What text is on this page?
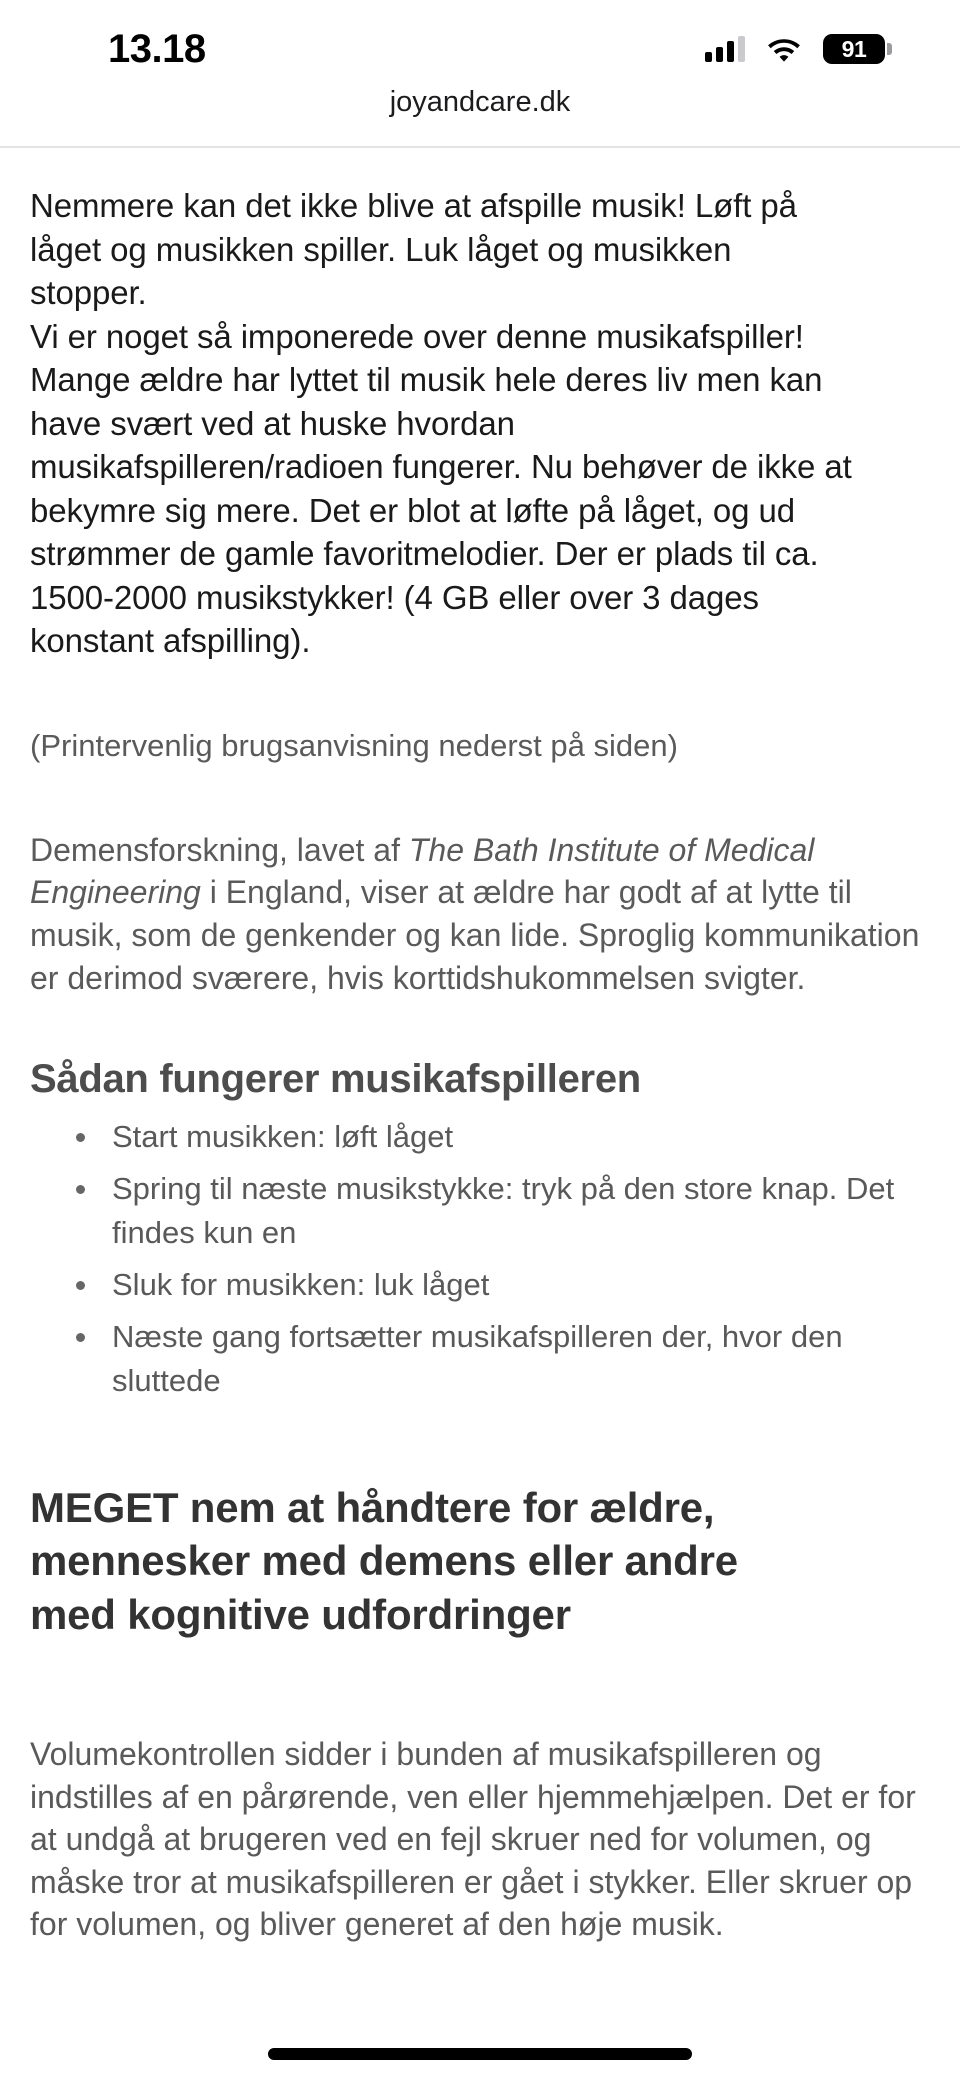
13.18	91
joyandcare.dk

Nemmere kan det ikke blive at afspille musik! Løft på
låget og musikken spiller. Luk låget og musikken
stopper.
Vi er noget så imponerede over denne musikafspiller!
Mange ældre har lyttet til musik hele deres liv men kan
have svært ved at huske hvordan
musikafspilleren/radioen fungerer. Nu behøver de ikke at
bekymre sig mere. Det er blot at løfte på låget, og ud
strømmer de gamle favoritmelodier. Der er plads til ca.
1500-2000 musikstykker! (4 GB eller over 3 dages
konstant afspilling).

(Printervenlig brugsanvisning nederst på siden)

Demensforskning, lavet af The Bath Institute of Medical Engineering i England, viser at ældre har godt af at lytte til musik, som de genkender og kan lide. Sproglig kommunikation er derimod sværere, hvis korttidshukommelsen svigter.

Sådan fungerer musikafspilleren
Start musikken: løft låget
Spring til næste musikstykke: tryk på den store knap. Det findes kun en
Sluk for musikken: luk låget
Næste gang fortsætter musikafspilleren der, hvor den sluttede
MEGET nem at håndtere for ældre,
mennesker med demens eller andre
med kognitive udfordringer

Volumekontrollen sidder i bunden af musikafspilleren og indstilles af en pårørende, ven eller hjemmehjælpen. Det er for at undgå at brugeren ved en fejl skruer ned for volumen, og måske tror at musikafspilleren er gået i stykker. Eller skruer op for volumen, og bliver generet af den høje musik.
